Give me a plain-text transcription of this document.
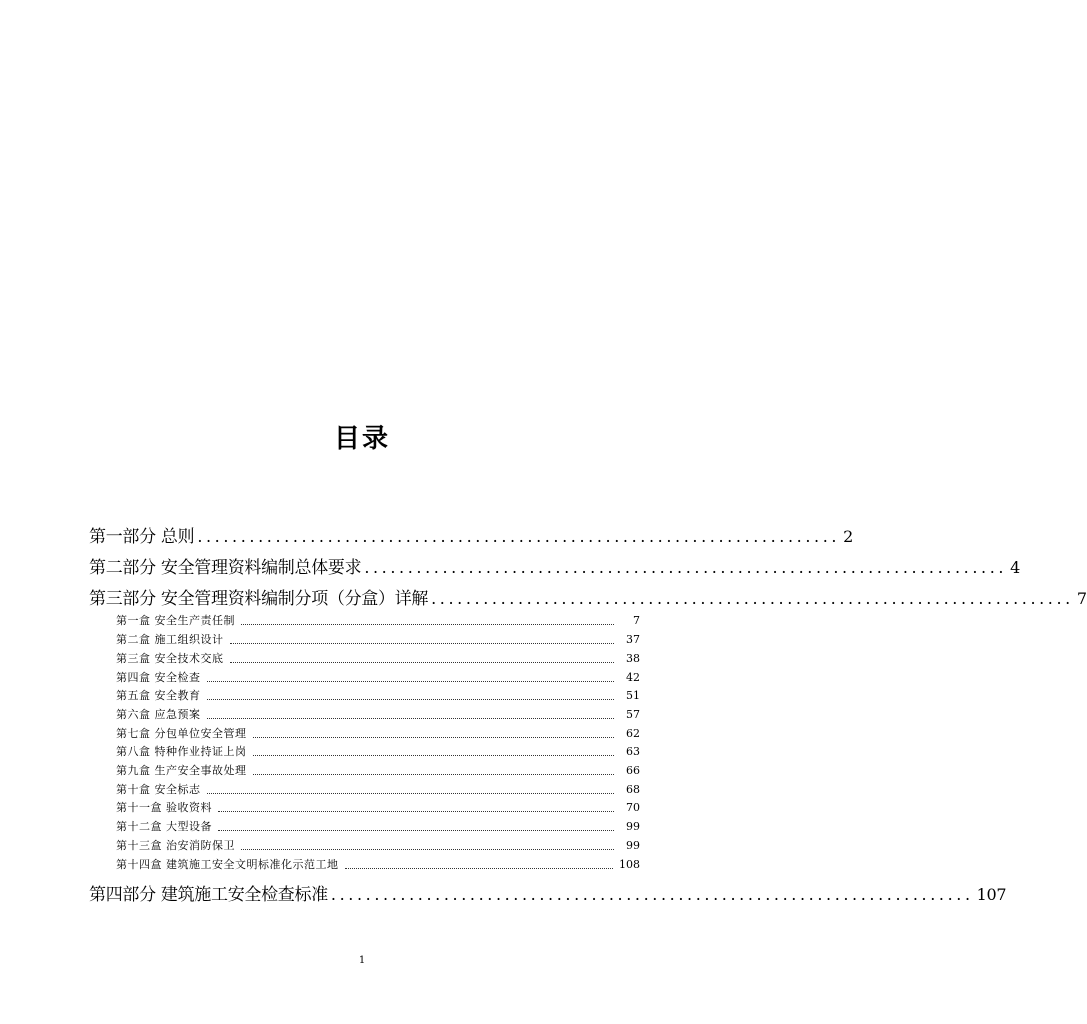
目录
第一部分 总则 .......................................................................... 2
第二部分 安全管理资料编制总体要求 .......................................................................... 4
第三部分 安全管理资料编制分项（分盒）详解 .......................................................................... 7
第一盒 安全生产责任制	7
第二盒 施工组织设计	37
第三盒 安全技术交底	38
第四盒 安全检查	42
第五盒 安全教育	51
第六盒 应急预案	57
第七盒 分包单位安全管理	62
第八盒 特种作业持证上岗	63
第九盒 生产安全事故处理	66
第十盒 安全标志	68
第十一盒 验收资料	70
第十二盒 大型设备	99
第十三盒 治安消防保卫	99
第十四盒 建筑施工安全文明标准化示范工地	108
第四部分 建筑施工安全检查标准 .......................................................................... 107
1
